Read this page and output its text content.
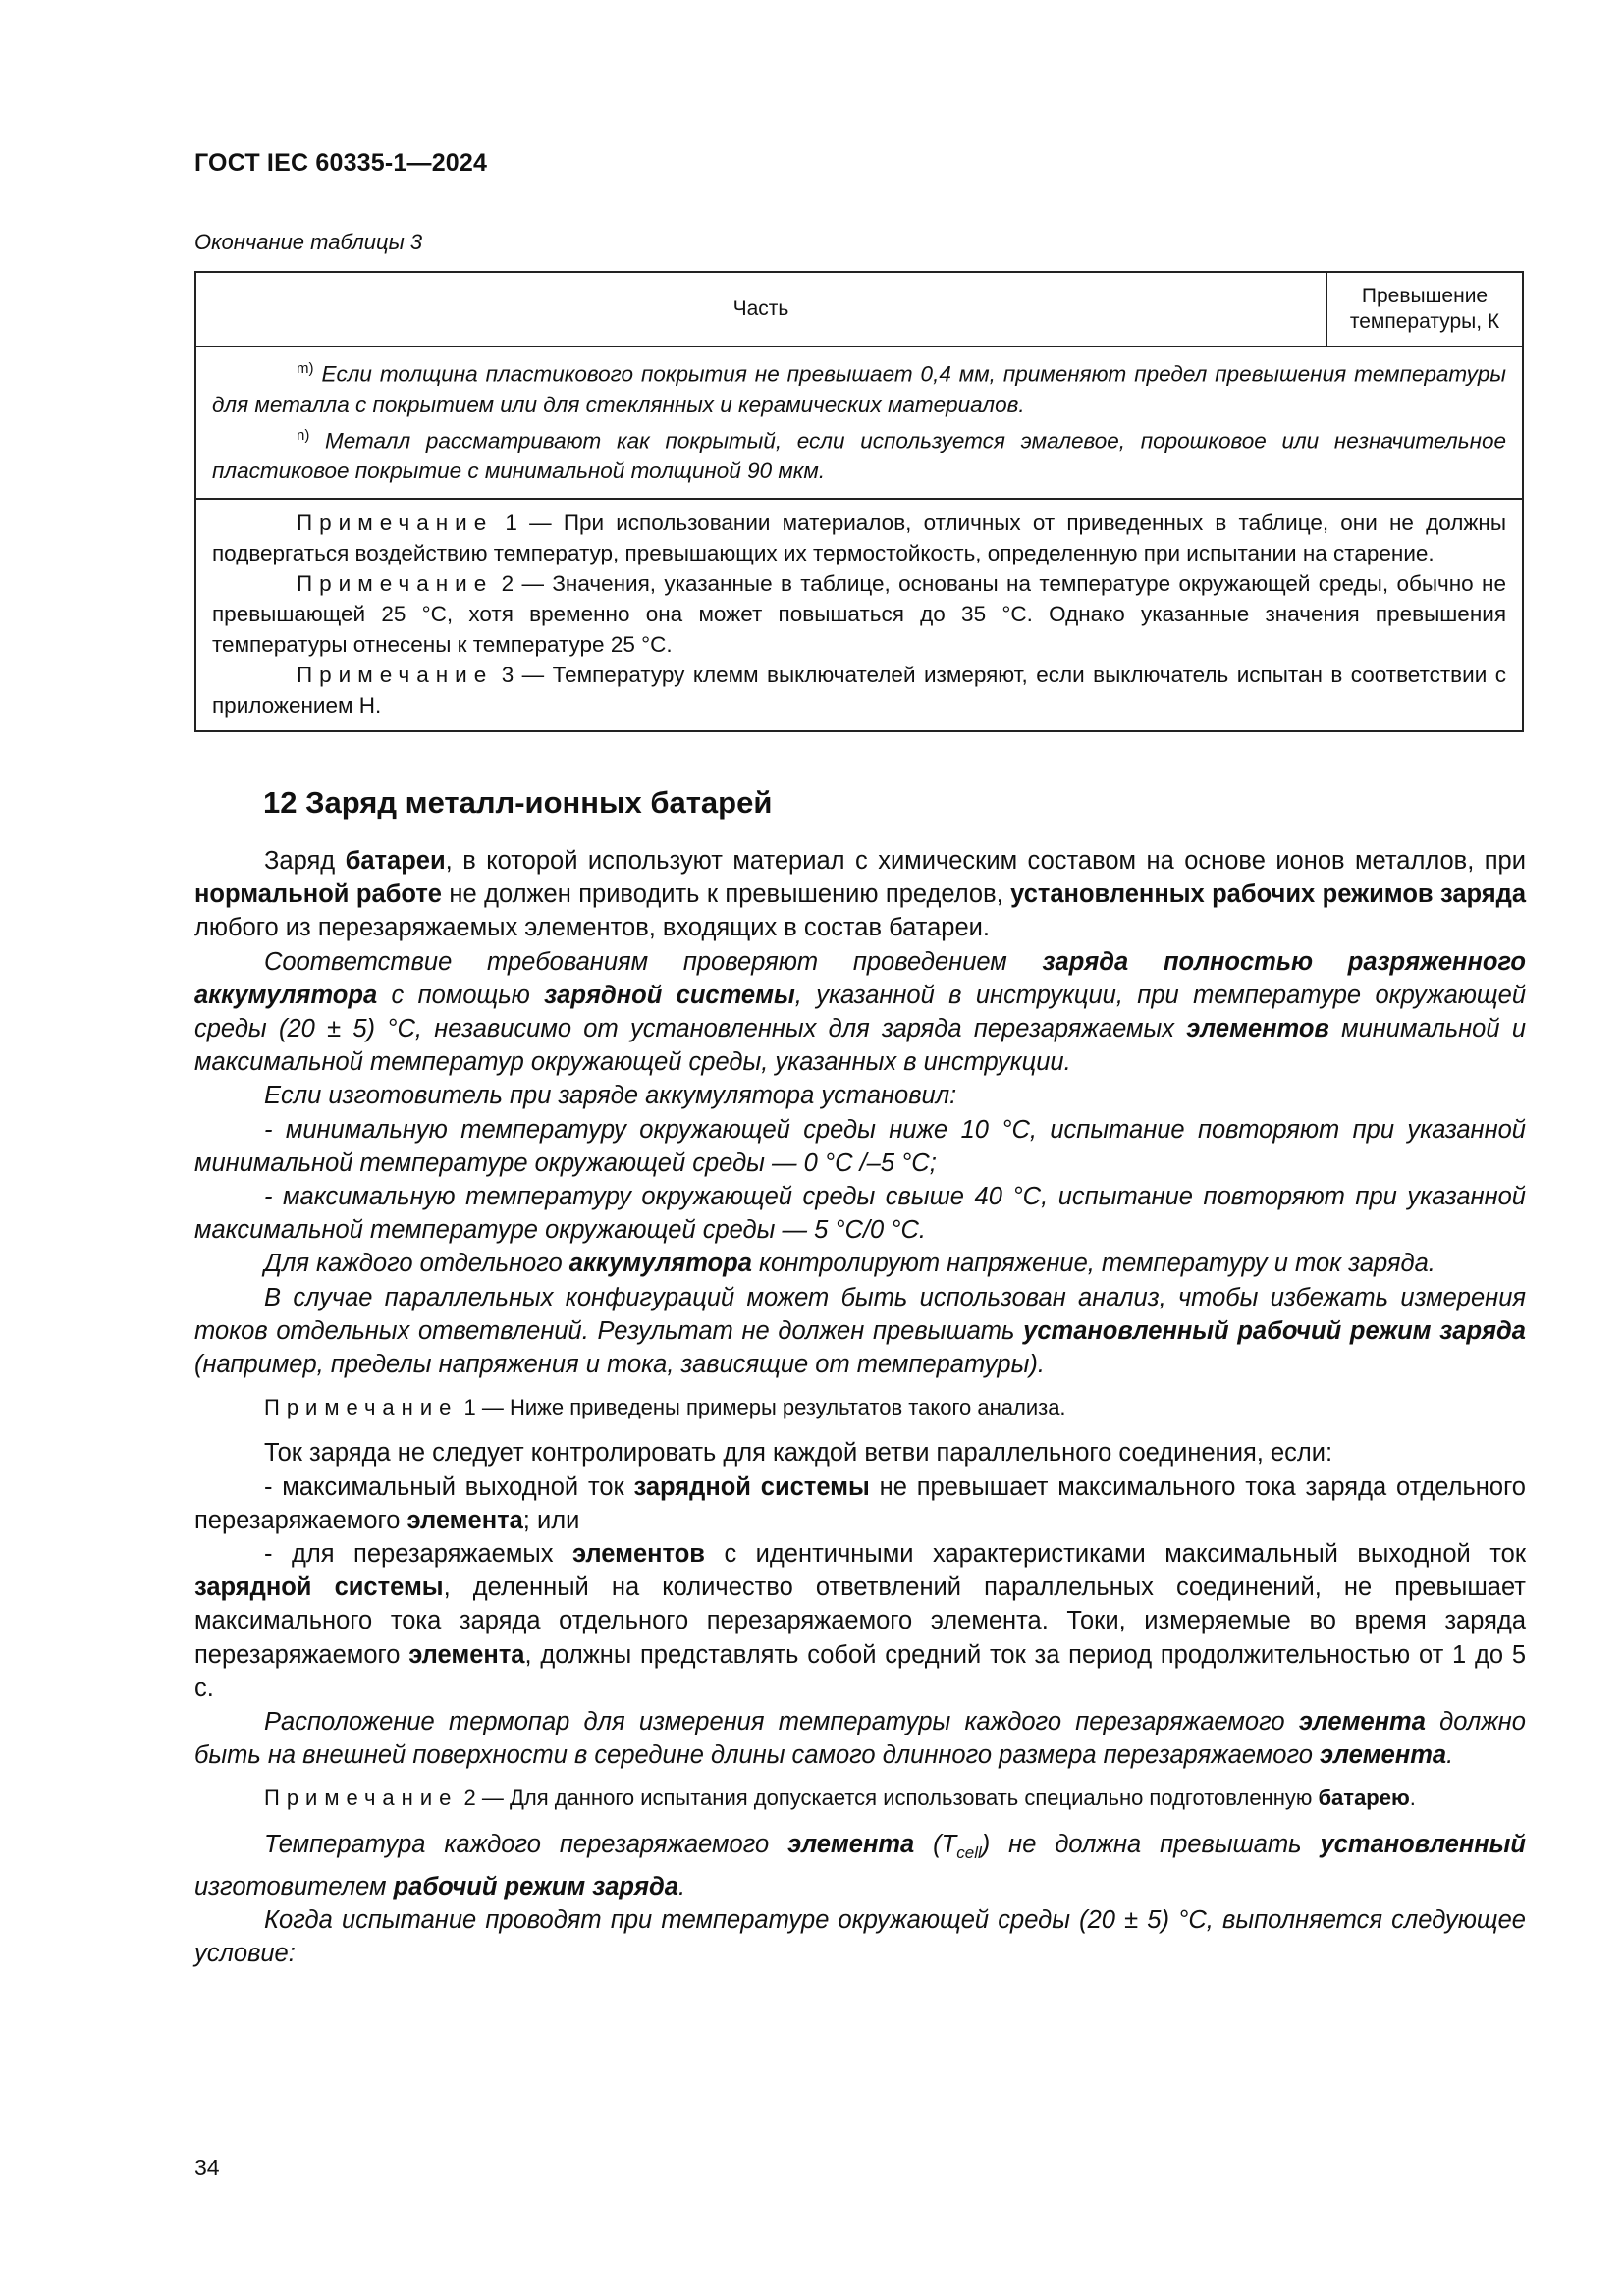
ГОСТ IEC 60335-1—2024
Окончание таблицы 3
Часть	Превышение
температуры, К

$^{m)}$ Если толщина пластикового покрытия не превышает 0,4 мм, применяют предел превышения температуры для металла с покрытием или для стеклянных и керамических материалов.

$^{n)}$ Металл рассматривают как покрытый, если используется эмалевое, порошковое или незначительное пластиковое покрытие с минимальной толщиной 90 мкм.

Примечание 1 — При использовании материалов, отличных от приведенных в таблице, они не должны подвергаться воздействию температур, превышающих их термостойкость, определенную при испытании на старение.

Примечание 2 — Значения, указанные в таблице, основаны на температуре окружающей среды, обычно не превышающей 25 °С, хотя временно она может повышаться до 35 °С. Однако указанные значения превышения температуры отнесены к температуре 25 °С.

Примечание 3 — Температуру клемм выключателей измеряют, если выключатель испытан в соответствии с приложением Н.

12 Заряд металл-ионных батарей

Заряд батареи, в которой используют материал с химическим составом на основе ионов металлов, при нормальной работе не должен приводить к превышению пределов, установленных рабочих режимов заряда любого из перезаряжаемых элементов, входящих в состав батареи.

Соответствие требованиям проверяют проведением заряда полностью разряженного аккумулятора с помощью зарядной системы, указанной в инструкции, при температуре окружающей среды (20 ± 5) °С, независимо от установленных для заряда перезаряжаемых элементов минимальной и максимальной температур окружающей среды, указанных в инструкции.

Если изготовитель при заряде аккумулятора установил:

- минимальную температуру окружающей среды ниже 10 °С, испытание повторяют при указанной минимальной температуре окружающей среды — 0 °С /–5 °С;

- максимальную температуру окружающей среды свыше 40 °С, испытание повторяют при указанной максимальной температуре окружающей среды — 5 °С/0 °С.

Для каждого отдельного аккумулятора контролируют напряжение, температуру и ток заряда.

В случае параллельных конфигураций может быть использован анализ, чтобы избежать измерения токов отдельных ответвлений. Результат не должен превышать установленный рабочий режим заряда (например, пределы напряжения и тока, зависящие от температуры).

Примечание 1 — Ниже приведены примеры результатов такого анализа.

Ток заряда не следует контролировать для каждой ветви параллельного соединения, если:

- максимальный выходной ток зарядной системы не превышает максимального тока заряда отдельного перезаряжаемого элемента; или

- для перезаряжаемых элементов с идентичными характеристиками максимальный выходной ток зарядной системы, деленный на количество ответвлений параллельных соединений, не превышает максимального тока заряда отдельного перезаряжаемого элемента. Токи, измеряемые во время заряда перезаряжаемого элемента, должны представлять собой средний ток за период продолжительностью от 1 до 5 с.

Расположение термопар для измерения температуры каждого перезаряжаемого элемента должно быть на внешней поверхности в середине длины самого длинного размера перезаряжаемого элемента.

Примечание 2 — Для данного испытания допускается использовать специально подготовленную батарею.

Температура каждого перезаряжаемого элемента $(T_{cell})$ не должна превышать установленный изготовителем рабочий режим заряда.

Когда испытание проводят при температуре окружающей среды (20 ± 5) °С, выполняется следующее условие:

34
